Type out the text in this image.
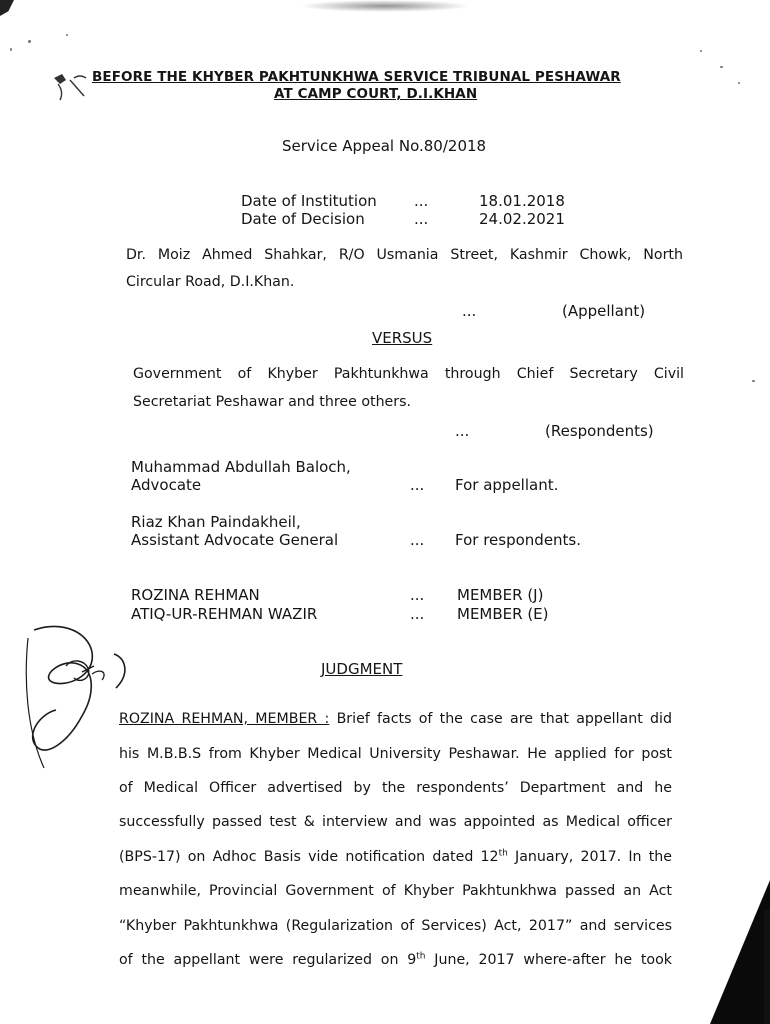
BEFORE THE KHYBER PAKHTUNKHWA SERVICE TRIBUNAL PESHAWAR
AT CAMP COURT, D.I.KHAN
Service Appeal No.80/2018
Date of Institution ...	18.01.2018
Date of Decision	...	24.02.2021
Dr. Moiz Ahmed Shahkar, R/O Usmania Street, Kashmir Chowk, North
Circular Road, D.I.Khan.
...	(Appellant)
VERSUS
Government of Khyber Pakhtunkhwa through Chief Secretary Civil
Secretariat Peshawar and three others.
...	(Respondents)
Muhammad Abdullah Baloch,
Advocate	... For appellant.
Riaz Khan Paindakheil,
Assistant Advocate General	... For respondents.
ROZINA REHMAN	... MEMBER (J)
ATIQ-UR-REHMAN WAZIR	... MEMBER (E)
JUDGMENT
ROZINA REHMAN, MEMBER : Brief facts of the case are that appellant did
his M.B.B.S from Khyber Medical University Peshawar. He applied for post
of Medical Officer advertised by the respondents’ Department and he
successfully passed test & interview and was appointed as Medical officer
(BPS-17) on Adhoc Basis vide notification dated 12th January, 2017. In the
meanwhile, Provincial Government of Khyber Pakhtunkhwa passed an Act
“Khyber Pakhtunkhwa (Regularization of Services) Act, 2017” and services
of the appellant were regularized on 9th June, 2017 where-after he took
